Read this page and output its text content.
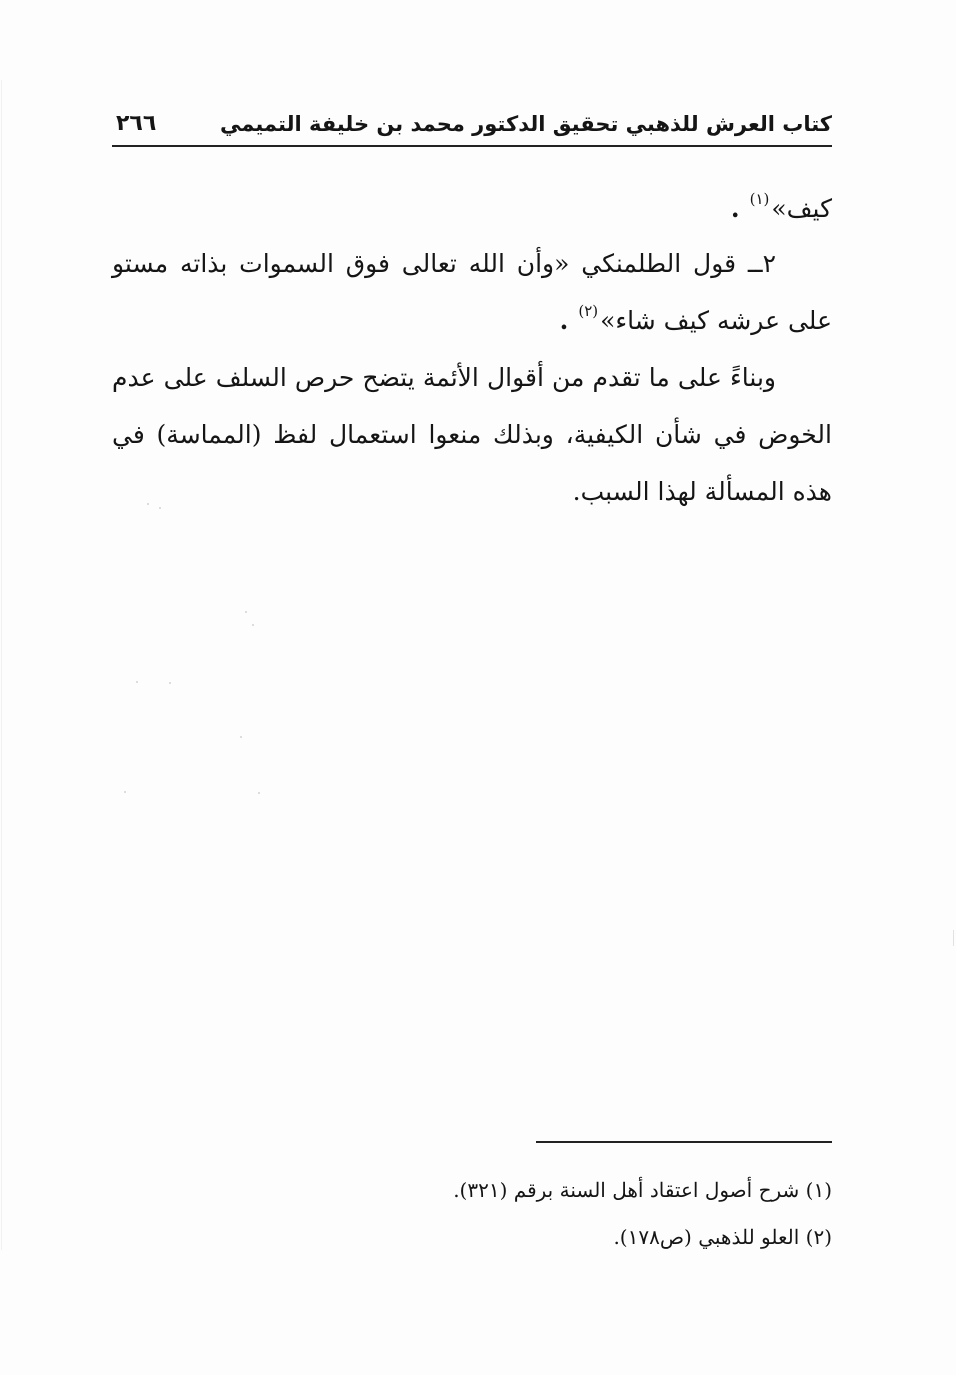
كتاب العرش للذهبي تحقيق الدكتور محمد بن خليفة التميمي
٢٦٦

كيف»$^{(١)}$.

٢ــ قول الطلمنكي «وأن الله تعالى فوق السموات بذاته مستو على عرشه كيف شاء»$^{(٢)}$.

وبناءً على ما تقدم من أقوال الأئمة يتضح حرص السلف على عدم الخوض في شأن الكيفية، وبذلك منعوا استعمال لفظ (المماسة) في هذه المسألة لهذا السبب.

(١) شرح أصول اعتقاد أهل السنة برقم (٣٢١).

(٢) العلو للذهبي (ص١٧٨).
